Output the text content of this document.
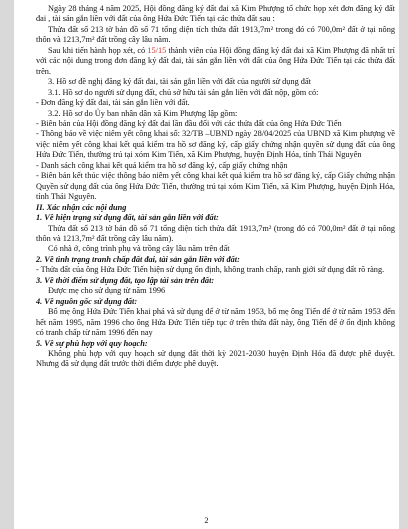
Ngày 28 tháng 4 năm 2025, Hội đồng đăng ký đất đai xã Kim Phượng tổ chức họp xét đơn đăng ký đất đai , tài sản gắn liền với đất của ông Hứa Đức Tiến tại các thửa đất sau :

Thửa đất số 213 tờ bản đồ số 71 tổng diện tích thửa đất 1913,7m² trong đó có 700,0m² đất ở tại nông thôn và 1213,7m² đất trồng cây lâu năm.

Sau khi tiến hành họp xét, có 15/15 thành viên của Hội đồng đăng ký đất đai xã Kim Phượng đã nhất trí với các nội dung trong đơn đăng ký đất đai, tài sản gắn liền với đất của ông Hứa Đức Tiến tại các thửa đất trên.

3. Hồ sơ đề nghị đăng ký đất đai, tài sản gắn liền với đất của người sử dụng đất

3.1. Hồ sơ do người sử dụng đất, chủ sở hữu tài sản gắn liền với đất nộp, gồm có:

- Đơn đăng ký đất đai, tài sản gắn liền với đất.

3.2. Hồ sơ do Ủy ban nhân dân xã Kim Phượng lập gồm:

- Biên bản của Hội đồng đăng ký đất đai lần đầu đối với các thửa đất của ông Hứa Đức Tiến

- Thông báo về việc niêm yết công khai số: 32/TB –UBND ngày 28/04/2025 của UBND xã Kim phượng về việc niêm yết công khai kết quả kiểm tra hồ sơ đăng ký, cấp giấy chứng nhận quyền sử dụng đất của ông Hứa Đức Tiến, thường trú tại xóm Kim Tiến, xã Kim Phượng, huyện Định Hóa, tỉnh Thái Nguyên

- Danh sách công khai kết quả kiểm tra hồ sơ đăng ký, cấp giấy chứng nhận

- Biên bản kết thúc việc thông báo niêm yết công khai kết quả kiểm tra hồ sơ đăng ký, cấp Giấy chứng nhận Quyền sử dụng đất của ông Hứa Đức Tiến, thường trú tại xóm Kim Tiến, xã Kim Phượng, huyện Định Hóa, tỉnh Thái Nguyên.

II. Xác nhận các nội dung

1. Về hiện trạng sử dụng đất, tài sản gắn liền với đất:

Thửa đất số 213 tờ bản đồ số 71 tổng diện tích thửa đất 1913,7m² (trong đó có 700,0m² đất ở tại nông thôn và 1213,7m² đất trồng cây lâu năm).

Có nhà ở, công trình phụ và trồng cây lâu năm trên đất

2. Về tình trạng tranh chấp đất đai, tài sản gắn liền với đất:

- Thửa đất của ông Hứa Đức Tiến hiện sử dụng ổn định, không tranh chấp, ranh giới sử dụng đất rõ ràng.

3. Về thời điểm sử dụng đất, tạo lập tài sản trên đất:

Được mẹ cho sử dụng từ năm 1996

4. Về nguồn gốc sử dụng đất:

Bố mẹ ông Hứa Đức Tiến khai phá và sử dụng để ở từ năm 1953, bố mẹ ông Tiến để ở từ năm 1953 đến hết năm 1995, năm 1996 cho ông Hứa Đức Tiến tiếp tục ở trên thửa đất này, ông Tiến để ở ổn định không có tranh chấp từ năm 1996 đến nay

5. Về sự phù hợp với quy hoạch:

Không phù hợp với quy hoạch sử dụng đất thời kỳ 2021-2030 huyện Định Hóa đã được phê duyệt. Nhưng đã sử dụng đất trước thời điểm được phê duyệt.

2
